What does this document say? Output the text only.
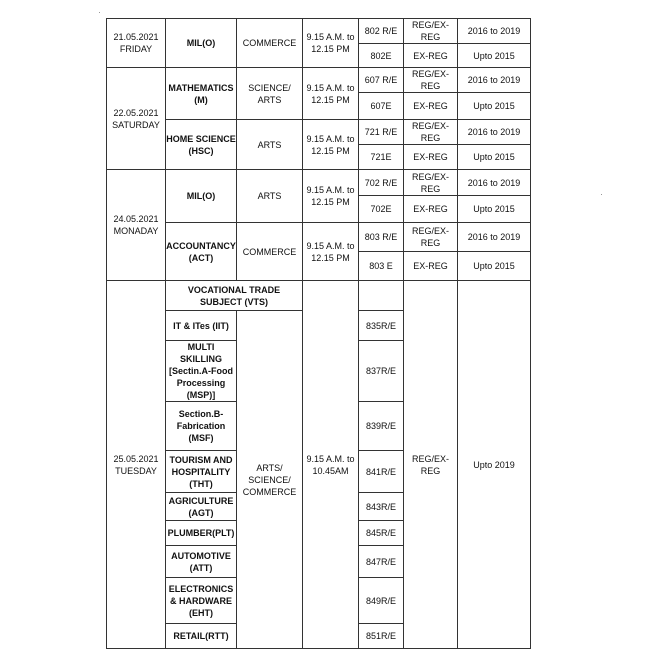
·
·
21.05.2021
FRIDAY	MIL(O)	COMMERCE	9.15 A.M. to 12.15 PM	802 R/E	REG/EX-REG	2016 to 2019
				802E	EX-REG	Upto 2015

22.05.2021
SATURDAY	MATHEMATICS (M)	SCIENCE/ ARTS	9.15 A.M. to 12.15 PM	607 R/E	REG/EX-REG	2016 to 2019
				607E	EX-REG	Upto 2015
	HOME SCIENCE (HSC)	ARTS	9.15 A.M. to 12.15 PM	721 R/E	REG/EX-REG	2016 to 2019
				721E	EX-REG	Upto 2015

24.05.2021
MONADAY	MIL(O)	ARTS	9.15 A.M. to 12.15 PM	702 R/E	REG/EX-REG	2016 to 2019
				702E	EX-REG	Upto 2015
	ACCOUNTANCY (ACT)	COMMERCE	9.15 A.M. to 12.15 PM	803 R/E	REG/EX-REG	2016 to 2019
				803 E	EX-REG	Upto 2015

25.05.2021
TUESDAY	VOCATIONAL TRADE SUBJECT (VTS)		9.15 A.M. to 10.45AM		REG/EX-REG	Upto 2019
	IT & ITes (IIT)	ARTS/ SCIENCE/ COMMERCE		835R/E		
	MULTI SKILLING [Sectin.A-Food Processing (MSP)]			837R/E		
	Section.B- Fabrication (MSF)			839R/E		
	TOURISM AND HOSPITALITY (THT)			841R/E		
	AGRICULTURE (AGT)			843R/E		
	PLUMBER(PLT)			845R/E		
	AUTOMOTIVE (ATT)			847R/E		
	ELECTRONICS & HARDWARE (EHT)			849R/E		
	RETAIL(RTT)			851R/E		
